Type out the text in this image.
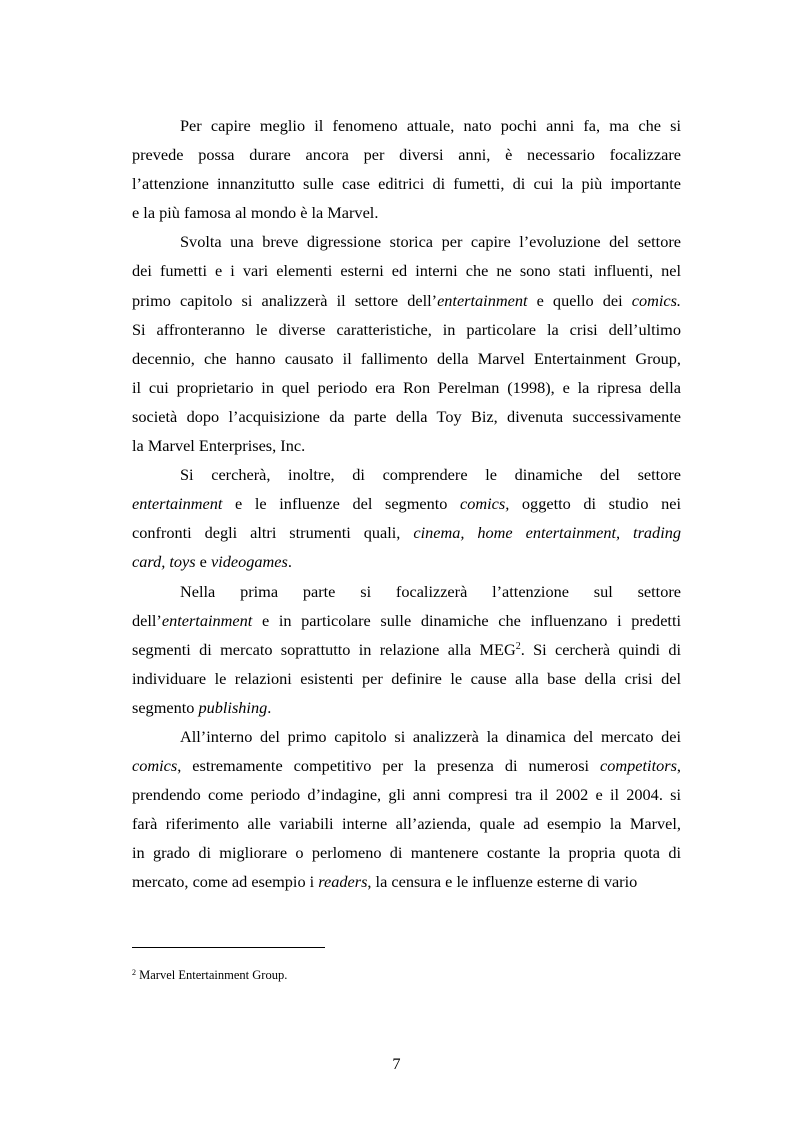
Per capire meglio il fenomeno attuale, nato pochi anni fa, ma che si
prevede possa durare ancora per diversi anni, è necessario focalizzare
l’attenzione innanzitutto sulle case editrici di fumetti, di cui la più importante
e la più famosa al mondo è la Marvel.
Svolta una breve digressione storica per capire l’evoluzione del settore
dei fumetti e i vari elementi esterni ed interni che ne sono stati influenti, nel
primo capitolo si analizzerà il settore dell’entertainment e quello dei comics.
Si affronteranno le diverse caratteristiche, in particolare la crisi dell’ultimo
decennio, che hanno causato il fallimento della Marvel Entertainment Group,
il cui proprietario in quel periodo era Ron Perelman (1998), e la ripresa della
società dopo l’acquisizione da parte della Toy Biz, divenuta successivamente
la Marvel Enterprises, Inc.
Si cercherà, inoltre, di comprendere le dinamiche del settore
entertainment e le influenze del segmento comics, oggetto di studio nei
confronti degli altri strumenti quali, cinema, home entertainment, trading
card, toys e videogames.
Nella prima parte si focalizzerà l’attenzione sul settore
dell’entertainment e in particolare sulle dinamiche che influenzano i predetti
segmenti di mercato soprattutto in relazione alla MEG$^2$. Si cercherà quindi di
individuare le relazioni esistenti per definire le cause alla base della crisi del
segmento publishing.
All’interno del primo capitolo si analizzerà la dinamica del mercato dei
comics, estremamente competitivo per la presenza di numerosi competitors,
prendendo come periodo d’indagine, gli anni compresi tra il 2002 e il 2004. si
farà riferimento alle variabili interne all’azienda, quale ad esempio la Marvel,
in grado di migliorare o perlomeno di mantenere costante la propria quota di
mercato, come ad esempio i readers, la censura e le influenze esterne di vario
$^2$ Marvel Entertainment Group.
7
